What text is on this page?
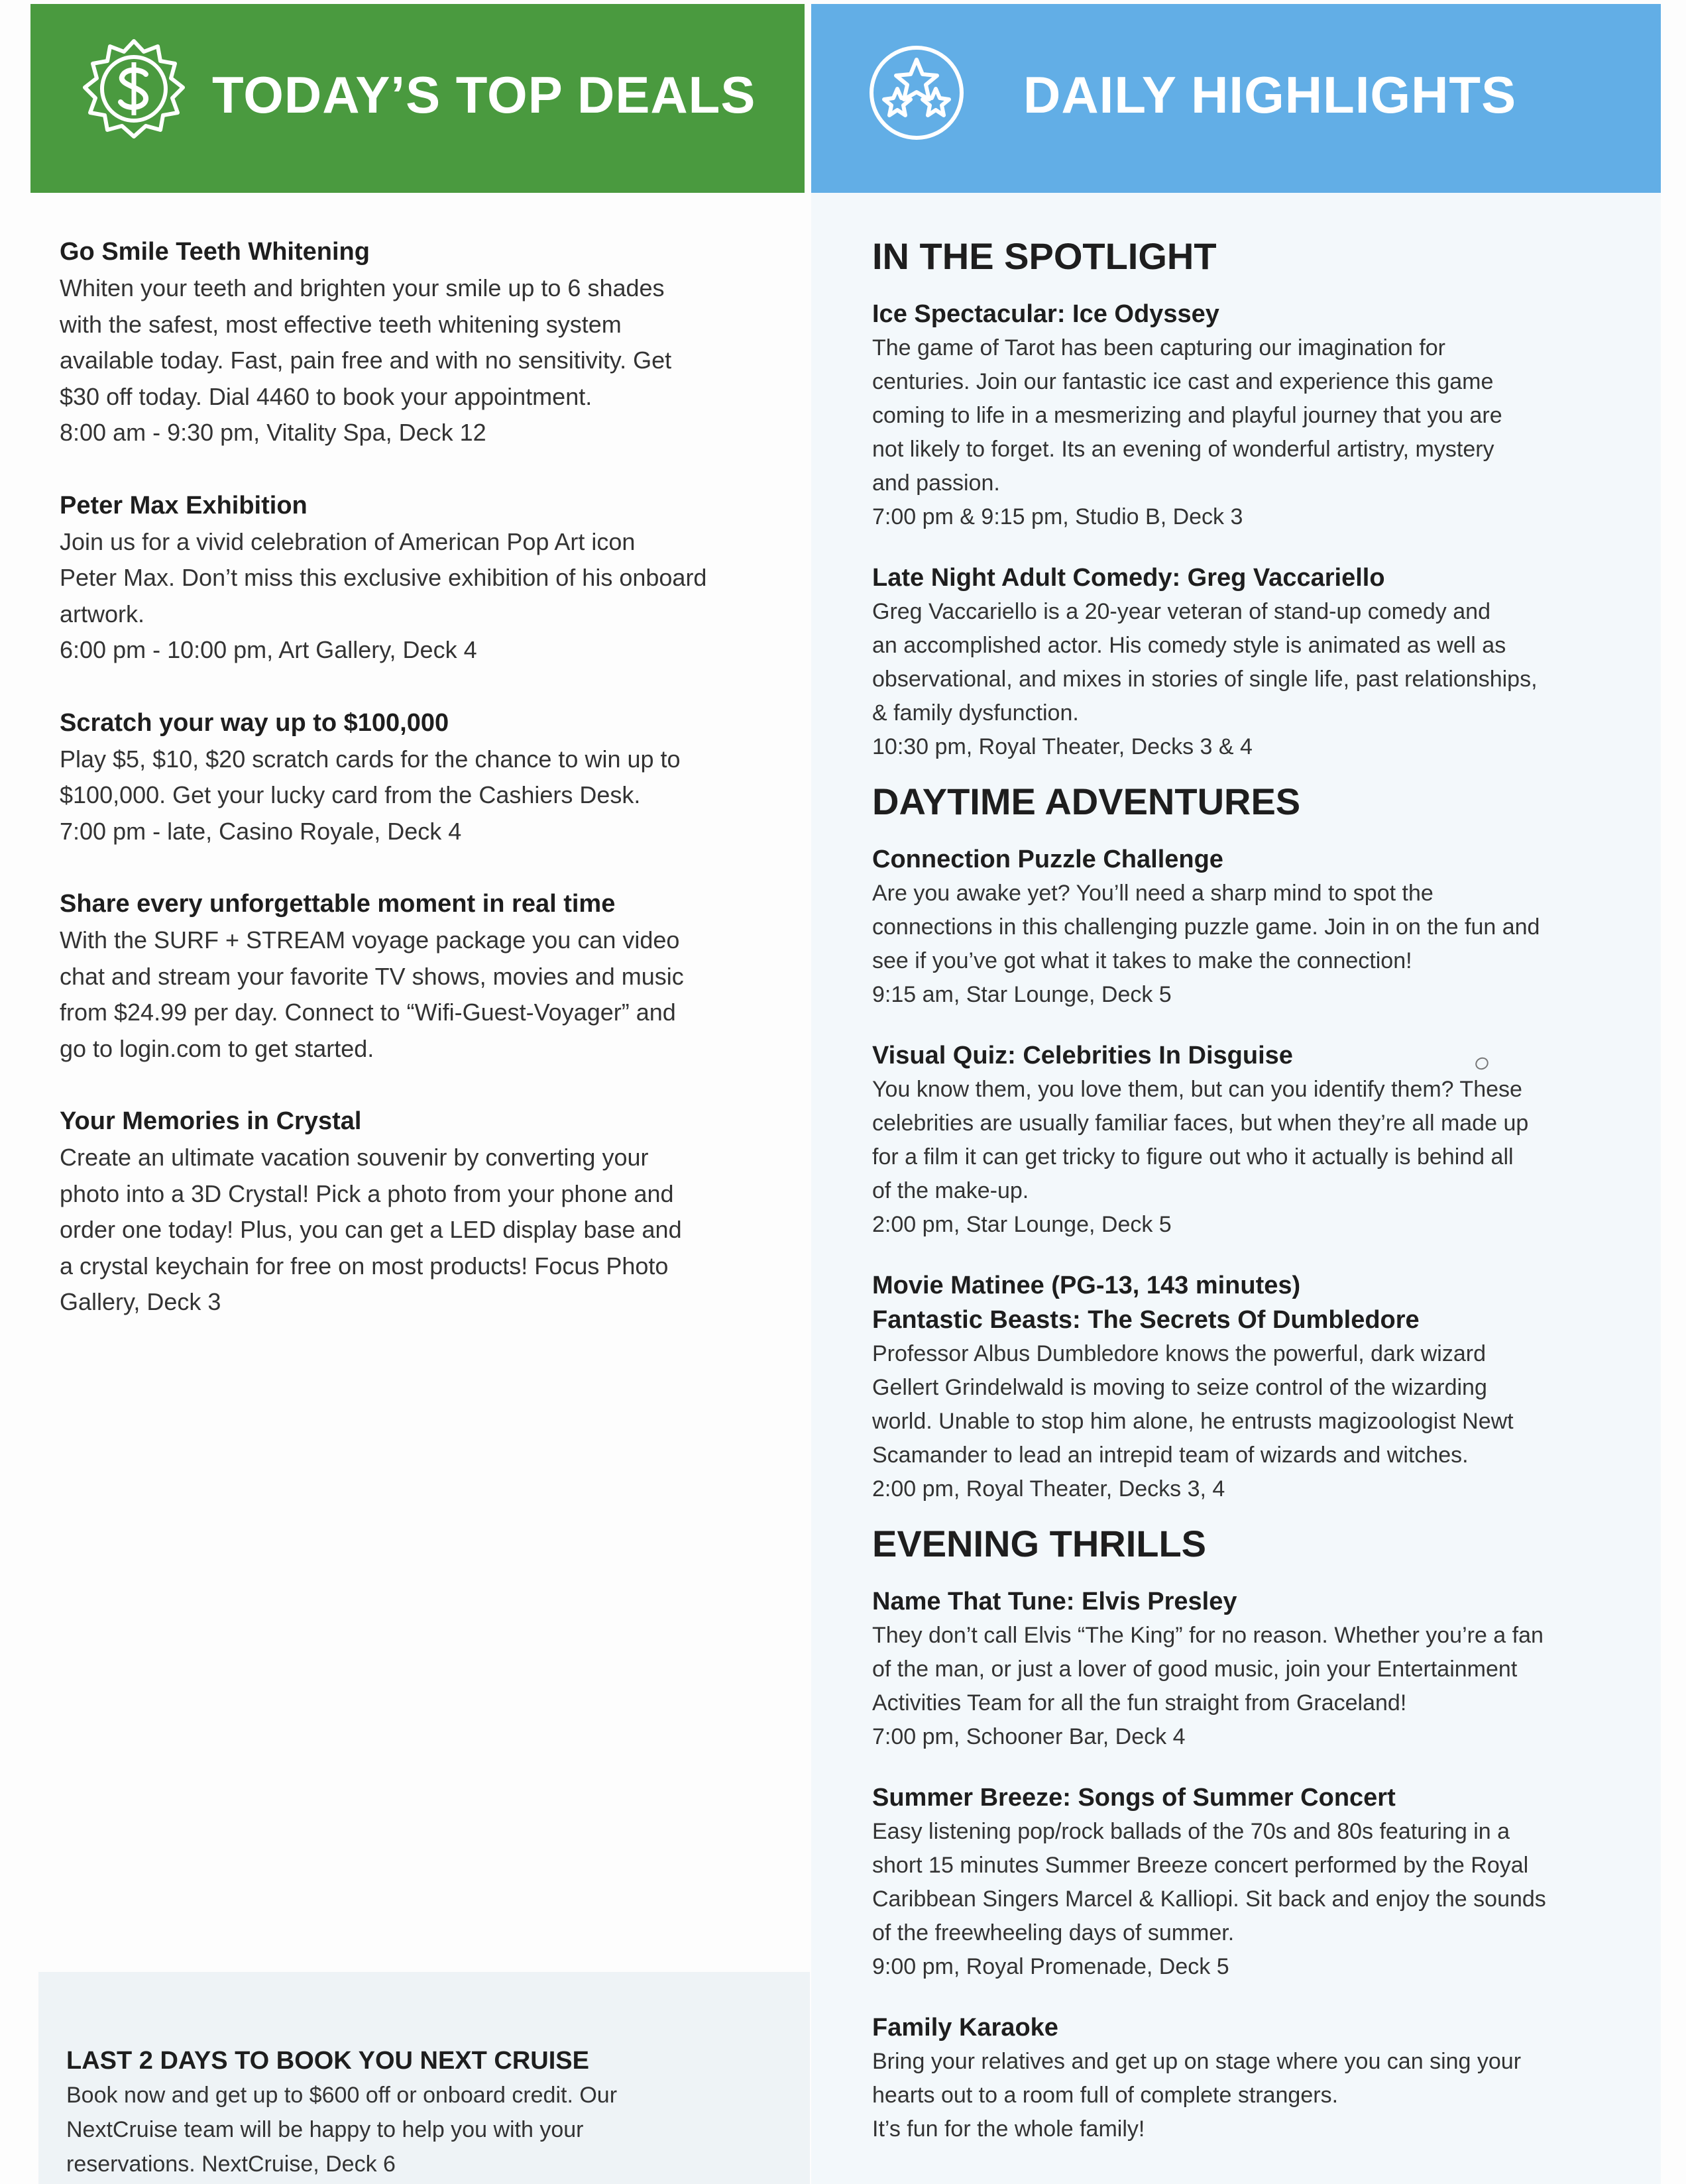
TODAY’S TOP DEALS	DAILY HIGHLIGHTS
Go Smile Teeth Whitening
Whiten your teeth and brighten your smile up to 6 shades
with the safest, most effective teeth whitening system
available today. Fast, pain free and with no sensitivity. Get
$30 off today. Dial 4460 to book your appointment.
8:00 am - 9:30 pm, Vitality Spa, Deck 12
Peter Max Exhibition
Join us for a vivid celebration of American Pop Art icon
Peter Max. Don’t miss this exclusive exhibition of his onboard
artwork.
6:00 pm - 10:00 pm, Art Gallery, Deck 4
Scratch your way up to $100,000
Play $5, $10, $20 scratch cards for the chance to win up to
$100,000. Get your lucky card from the Cashiers Desk.
7:00 pm - late, Casino Royale, Deck 4
Share every unforgettable moment in real time
With the SURF + STREAM voyage package you can video
chat and stream your favorite TV shows, movies and music
from $24.99 per day. Connect to “Wifi-Guest-Voyager” and
go to login.com to get started.
Your Memories in Crystal
Create an ultimate vacation souvenir by converting your
photo into a 3D Crystal! Pick a photo from your phone and
order one today! Plus, you can get a LED display base and
a crystal keychain for free on most products! Focus Photo
Gallery, Deck 3
LAST 2 DAYS TO BOOK YOU NEXT CRUISE
Book now and get up to $600 off or onboard credit. Our
NextCruise team will be happy to help you with your
reservations. NextCruise, Deck 6
IN THE SPOTLIGHT
Ice Spectacular: Ice Odyssey
The game of Tarot has been capturing our imagination for
centuries. Join our fantastic ice cast and experience this game
coming to life in a mesmerizing and playful journey that you are
not likely to forget. Its an evening of wonderful artistry, mystery
and passion.
7:00 pm & 9:15 pm, Studio B, Deck 3
Late Night Adult Comedy: Greg Vaccariello
Greg Vaccariello is a 20-year veteran of stand-up comedy and
an accomplished actor. His comedy style is animated as well as
observational, and mixes in stories of single life, past relationships,
& family dysfunction.
10:30 pm, Royal Theater, Decks 3 & 4
DAYTIME ADVENTURES
Connection Puzzle Challenge
Are you awake yet? You’ll need a sharp mind to spot the
connections in this challenging puzzle game. Join in on the fun and
see if you’ve got what it takes to make the connection!
9:15 am, Star Lounge, Deck 5
Visual Quiz: Celebrities In Disguise
You know them, you love them, but can you identify them? These
celebrities are usually familiar faces, but when they’re all made up
for a film it can get tricky to figure out who it actually is behind all
of the make-up.
2:00 pm, Star Lounge, Deck 5
Movie Matinee (PG-13, 143 minutes)
Fantastic Beasts: The Secrets Of Dumbledore
Professor Albus Dumbledore knows the powerful, dark wizard
Gellert Grindelwald is moving to seize control of the wizarding
world. Unable to stop him alone, he entrusts magizoologist Newt
Scamander to lead an intrepid team of wizards and witches.
2:00 pm, Royal Theater, Decks 3, 4
EVENING THRILLS
Name That Tune: Elvis Presley
They don’t call Elvis “The King” for no reason. Whether you’re a fan
of the man, or just a lover of good music, join your Entertainment
Activities Team for all the fun straight from Graceland!
7:00 pm, Schooner Bar, Deck 4
Summer Breeze: Songs of Summer Concert
Easy listening pop/rock ballads of the 70s and 80s featuring in a
short 15 minutes Summer Breeze concert performed by the Royal
Caribbean Singers Marcel & Kalliopi. Sit back and enjoy the sounds
of the freewheeling days of summer.
9:00 pm, Royal Promenade, Deck 5
Family Karaoke
Bring your relatives and get up on stage where you can sing your
hearts out to a room full of complete strangers.
It’s fun for the whole family!
